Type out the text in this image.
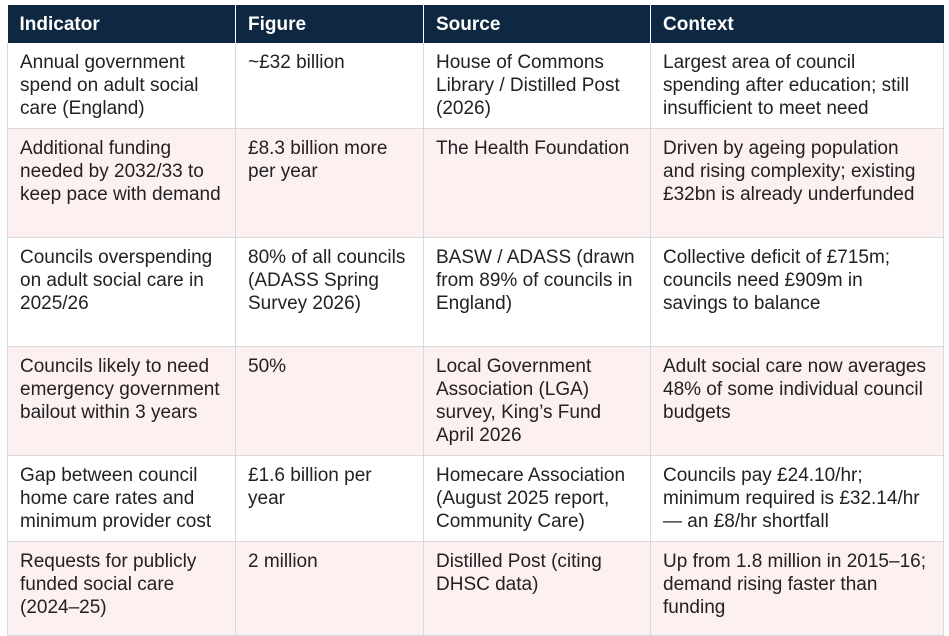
Indicator	Figure	Source	Context
Annual government spend on adult social care (England)	~£32 billion	House of Commons Library / Distilled Post (2026)	Largest area of council spending after education; still insufficient to meet need
Additional funding needed by 2032/33 to keep pace with demand	£8.3 billion more per year	The Health Foundation	Driven by ageing population and rising complexity; existing £32bn is already underfunded
Councils overspending on adult social care in 2025/26	80% of all councils (ADASS Spring Survey 2026)	BASW / ADASS (drawn from 89% of councils in England)	Collective deficit of £715m; councils need £909m in savings to balance
Councils likely to need emergency government bailout within 3 years	50%	Local Government Association (LGA) survey, King’s Fund April 2026	Adult social care now averages 48% of some individual council budgets
Gap between council home care rates and minimum provider cost	£1.6 billion per year	Homecare Association (August 2025 report, Community Care)	Councils pay £24.10/hr; minimum required is £32.14/hr — an £8/hr shortfall
Requests for publicly funded social care (2024–25)	2 million	Distilled Post (citing DHSC data)	Up from 1.8 million in 2015–16; demand rising faster than funding
